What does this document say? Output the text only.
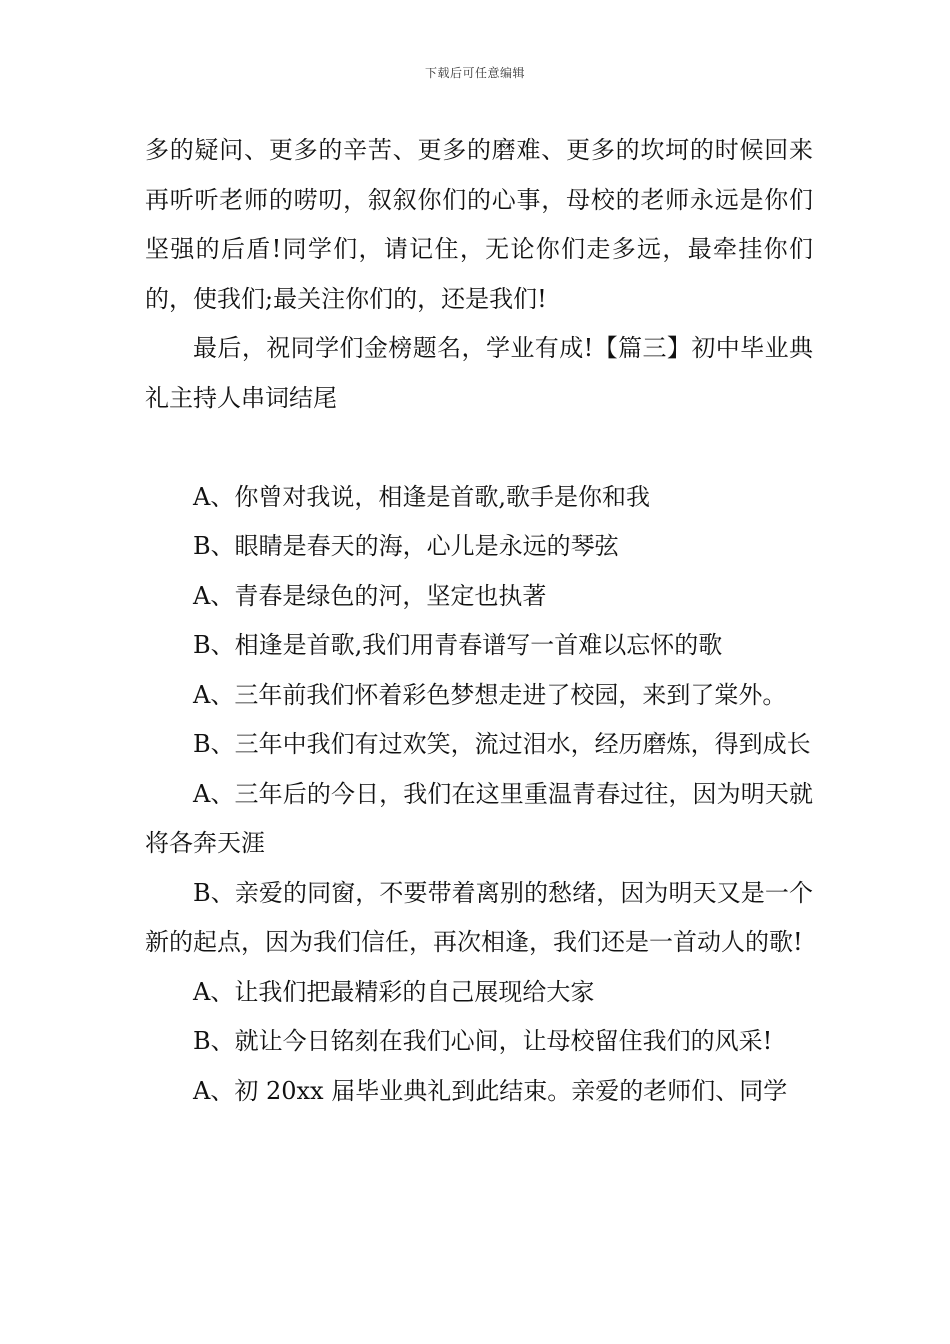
下载后可任意编辑

多的疑问、更多的辛苦、更多的磨难、更多的坎坷的时候回来再听听老师的唠叨，叙叙你们的心事，母校的老师永远是你们坚强的后盾!同学们，请记住，无论你们走多远，最牵挂你们的，使我们;最关注你们的，还是我们!

最后，祝同学们金榜题名，学业有成!【篇三】初中毕业典礼主持人串词结尾

A、你曾对我说，相逢是首歌,歌手是你和我

B、眼睛是春天的海，心儿是永远的琴弦

A、青春是绿色的河，坚定也执著

B、相逢是首歌,我们用青春谱写一首难以忘怀的歌

A、三年前我们怀着彩色梦想走进了校园，来到了棠外。

B、三年中我们有过欢笑，流过泪水，经历磨炼，得到成长

A、三年后的今日，我们在这里重温青春过往，因为明天就将各奔天涯

B、亲爱的同窗，不要带着离别的愁绪，因为明天又是一个新的起点，因为我们信任，再次相逢，我们还是一首动人的歌!

A、让我们把最精彩的自己展现给大家

B、就让今日铭刻在我们心间，让母校留住我们的风采!

A、初 20xx 届毕业典礼到此结束。亲爱的老师们、同学
